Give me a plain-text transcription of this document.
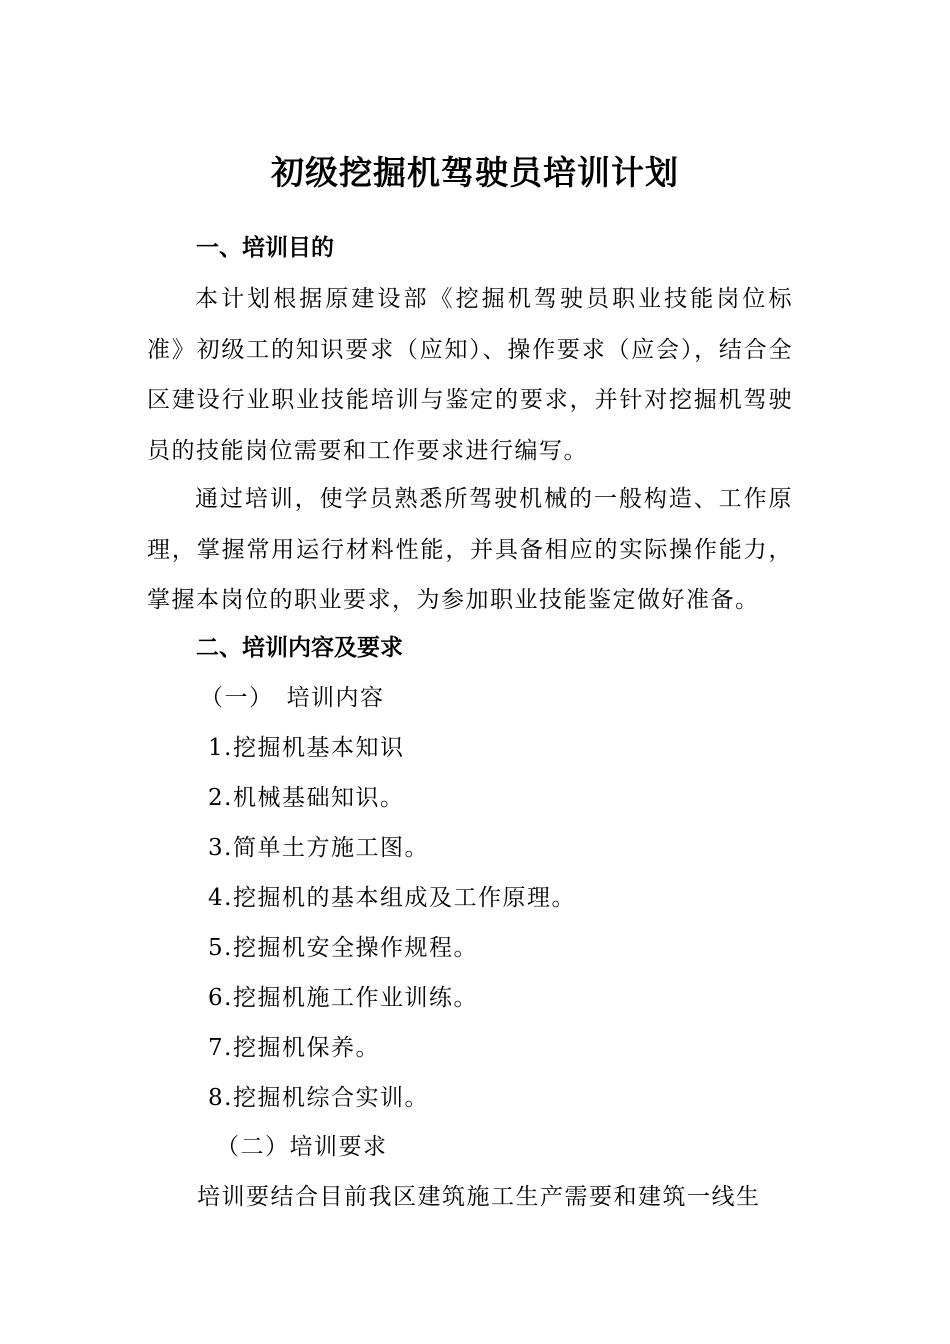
初级挖掘机驾驶员培训计划
一、培训目的
本计划根据原建设部《挖掘机驾驶员职业技能岗位标准》初级工的知识要求（应知）、操作要求（应会），结合全区建设行业职业技能培训与鉴定的要求，并针对挖掘机驾驶员的技能岗位需要和工作要求进行编写。
通过培训，使学员熟悉所驾驶机械的一般构造、工作原理，掌握常用运行材料性能，并具备相应的实际操作能力，掌握本岗位的职业要求，为参加职业技能鉴定做好准备。
二、培训内容及要求
（一）　培训内容
1.挖掘机基本知识
2.机械基础知识。
3.简单土方施工图。
4.挖掘机的基本组成及工作原理。
5.挖掘机安全操作规程。
6.挖掘机施工作业训练。
7.挖掘机保养。
8.挖掘机综合实训。
（二）培训要求
培训要结合目前我区建筑施工生产需要和建筑一线生
